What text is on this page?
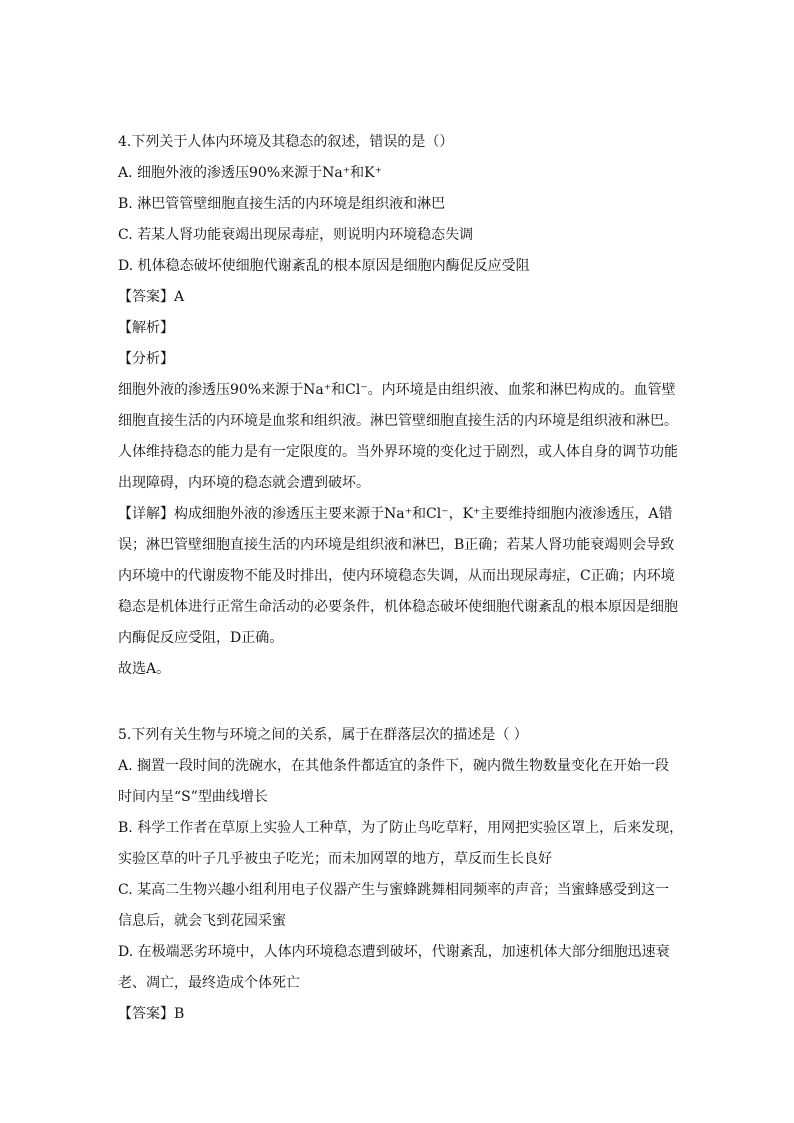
4.下列关于人体内环境及其稳态的叙述，错误的是（）
A. 细胞外液的渗透压90%来源于Na⁺和K⁺
B. 淋巴管管壁细胞直接生活的内环境是组织液和淋巴
C. 若某人肾功能衰竭出现尿毒症，则说明内环境稳态失调
D. 机体稳态破坏使细胞代谢紊乱的根本原因是细胞内酶促反应受阻
【答案】A
【解析】
【分析】
细胞外液的渗透压90%来源于Na⁺和Cl⁻。内环境是由组织液、血浆和淋巴构成的。血管壁
细胞直接生活的内环境是血浆和组织液。淋巴管壁细胞直接生活的内环境是组织液和淋巴。
人体维持稳态的能力是有一定限度的。当外界环境的变化过于剧烈，或人体自身的调节功能
出现障碍，内环境的稳态就会遭到破坏。
【详解】构成细胞外液的渗透压主要来源于Na⁺和Cl⁻，K⁺主要维持细胞内液渗透压，A错
误；淋巴管壁细胞直接生活的内环境是组织液和淋巴，B正确；若某人肾功能衰竭则会导致
内环境中的代谢废物不能及时排出，使内环境稳态失调，从而出现尿毒症，C正确；内环境
稳态是机体进行正常生命活动的必要条件，机体稳态破坏使细胞代谢紊乱的根本原因是细胞
内酶促反应受阻，D正确。
故选A。
5.下列有关生物与环境之间的关系，属于在群落层次的描述是（ ）
A. 搁置一段时间的洗碗水，在其他条件都适宜的条件下，碗内微生物数量变化在开始一段
时间内呈“S”型曲线增长
B. 科学工作者在草原上实验人工种草，为了防止鸟吃草籽，用网把实验区罩上，后来发现，
实验区草的叶子几乎被虫子吃光；而未加网罩的地方，草反而生长良好
C. 某高二生物兴趣小组利用电子仪器产生与蜜蜂跳舞相同频率的声音；当蜜蜂感受到这一
信息后，就会飞到花园采蜜
D. 在极端恶劣环境中，人体内环境稳态遭到破坏，代谢紊乱，加速机体大部分细胞迅速衰
老、凋亡，最终造成个体死亡
【答案】B
